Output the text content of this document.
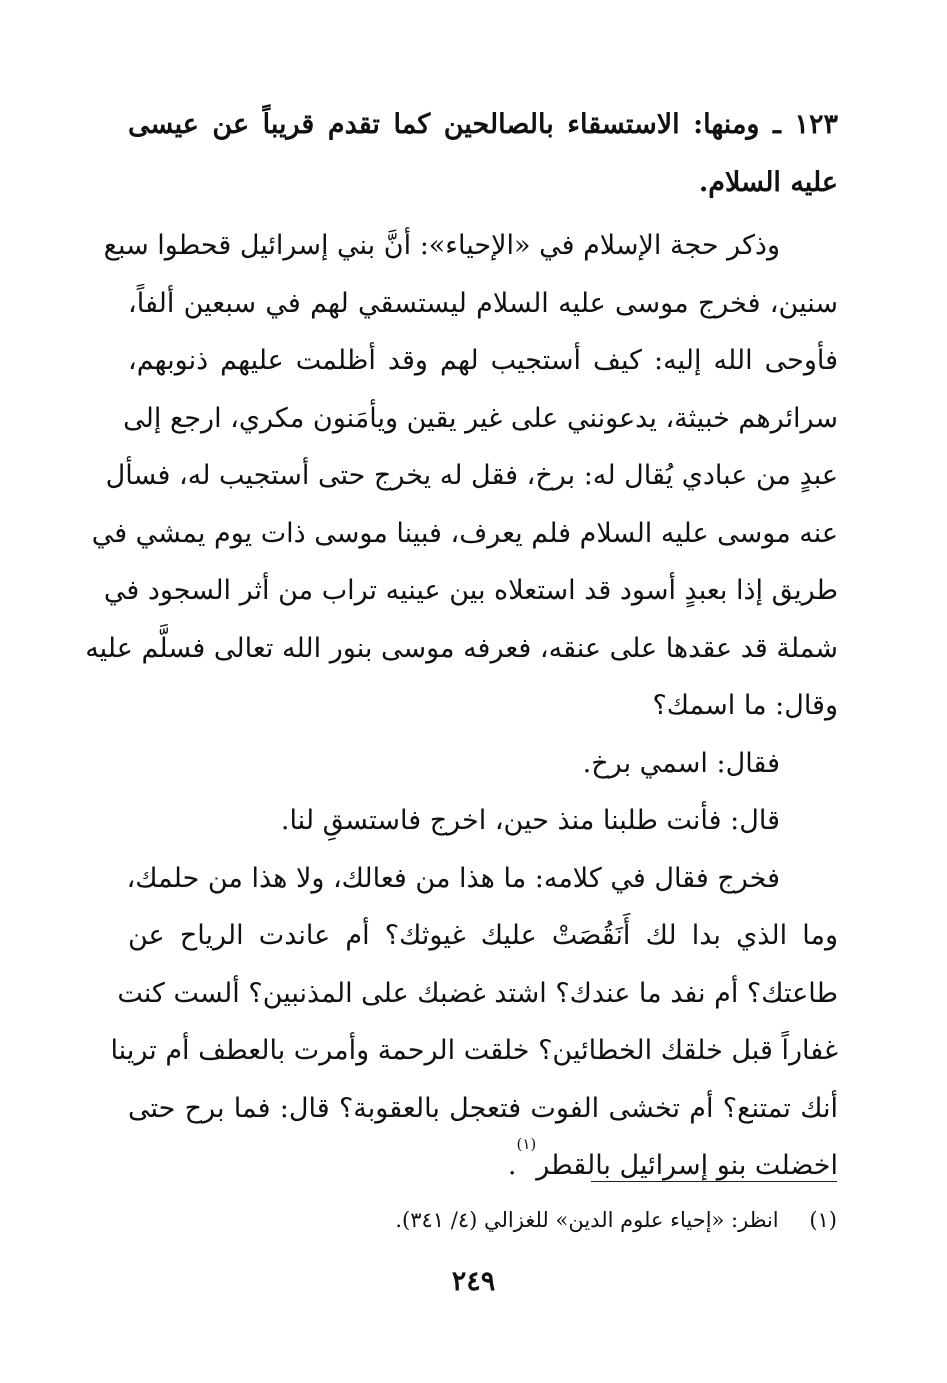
١٢٣ ـ ومنها: الاستسقاء بالصالحين كما تقدم قريباً عن عيسى
عليه السلام.
وذكر حجة الإسلام في «الإحياء»: أنَّ بني إسرائيل قحطوا سبع
سنين، فخرج موسى عليه السلام ليستسقي لهم في سبعين ألفاً،
فأوحى الله إليه: كيف أستجيب لهم وقد أظلمت عليهم ذنوبهم،
سرائرهم خبيثة، يدعونني على غير يقين ويأمَنون مكري، ارجع إلى
عبدٍ من عبادي يُقال له: برخ، فقل له يخرج حتى أستجيب له، فسأل
عنه موسى عليه السلام فلم يعرف، فبينا موسى ذات يوم يمشي في
طريق إذا بعبدٍ أسود قد استعلاه بين عينيه تراب من أثر السجود في
شملة قد عقدها على عنقه، فعرفه موسى بنور الله تعالى فسلَّم عليه
وقال: ما اسمك؟
فقال: اسمي برخ.
قال: فأنت طلبنا منذ حين، اخرج فاستسقِ لنا.
فخرج فقال في كلامه: ما هذا من فعالك، ولا هذا من حلمك،
وما الذي بدا لك أَنَقُصَتْ عليك غيوثك؟ أم عاندت الرياح عن
طاعتك؟ أم نفد ما عندك؟ اشتد غضبك على المذنبين؟ ألست كنت
غفاراً قبل خلقك الخطائين؟ خلقت الرحمة وأمرت بالعطف أم ترينا
أنك تمتنع؟ أم تخشى الفوت فتعجل بالعقوبة؟ قال: فما برح حتى
اخضلت بنو إسرائيل بالقطر$^{(١)}$.
(١) انظر: «إحياء علوم الدين» للغزالي (٤/ ٣٤١).
٢٤٩
